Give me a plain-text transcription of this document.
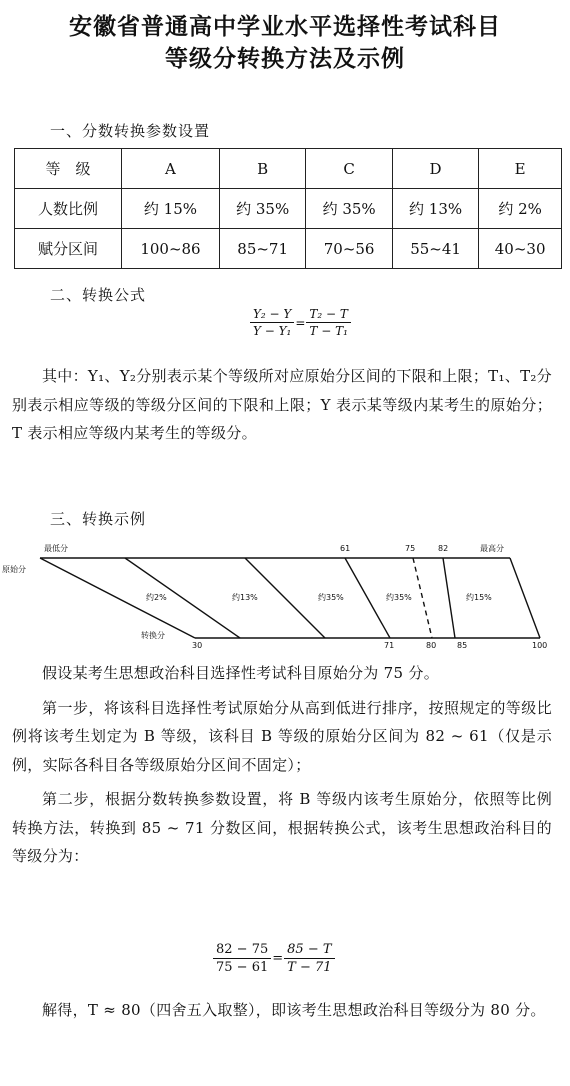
安徽省普通高中学业水平选择性考试科目
等级分转换方法及示例
一、分数转换参数设置
等　级	A	B	C	D	E
人数比例	约 15%	约 35%	约 35%	约 13%	约 2%
赋分区间	100~86	85~71	70~56	55~41	40~30
二、转换公式
$\frac{\text{Y₂ − Y}}{\text{Y − Y₁}} = \frac{\text{T₂ − T}}{\text{T − T₁}}$

其中：Y₁、Y₂分别表示某个等级所对应原始分区间的下限和上限；T₁、T₂分别表示相应等级的等级分区间的下限和上限；Y 表示某等级内某考生的原始分；T 表示相应等级内某考生的等级分。

三、转换示例
最低分	最高分
原始分
转换分
61	75	82
30	71	80	85	100
约2%	约13%	约35%	约35%	约15%

假设某考生思想政治科目选择性考试科目原始分为 75 分。

第一步，将该科目选择性考试原始分从高到低进行排序，按照规定的等级比例将该考生划定为 B 等级，该科目 B 等级的原始分区间为 82 ~ 61（仅是示例，实际各科目各等级原始分区间不固定）；

第二步，根据分数转换参数设置，将 B 等级内该考生原始分，依照等比例转换方法，转换到 85 ~ 71 分数区间，根据转换公式，该考生思想政治科目的等级分为：

$\frac{82 - 75}{75 - 61} = \frac{85 - T}{T - 71}$

解得，T ≈ 80（四舍五入取整），即该考生思想政治科目等级分为 80 分。
